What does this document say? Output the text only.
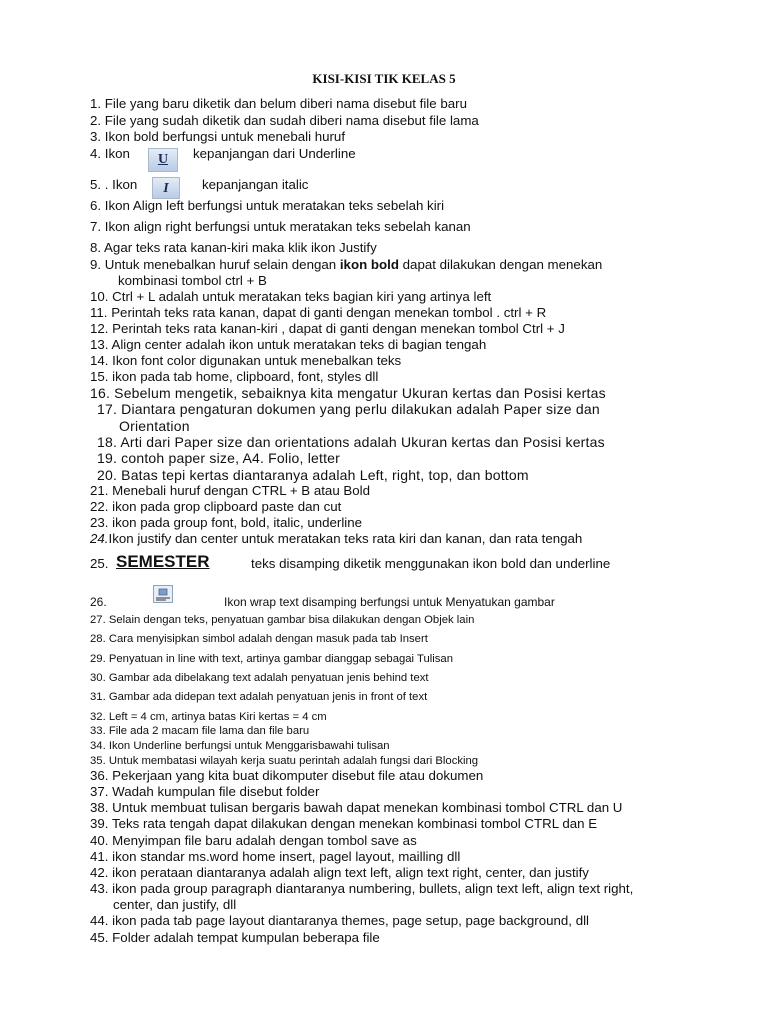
KISI-KISI TIK KELAS 5
1. File yang baru diketik dan belum diberi nama disebut file baru
2. File yang sudah diketik dan sudah diberi nama disebut file lama
3. Ikon bold berfungsi untuk menebali huruf
4. Ikon	U	kepanjangan dari Underline
5. . Ikon	I	kepanjangan italic
6. Ikon Align left berfungsi untuk meratakan teks sebelah kiri
7. Ikon align right berfungsi untuk meratakan teks sebelah kanan
8. Agar teks rata kanan-kiri maka klik ikon Justify
9. Untuk menebalkan huruf selain dengan ikon bold dapat dilakukan dengan menekan
kombinasi tombol ctrl + B
10. Ctrl + L adalah untuk meratakan teks bagian kiri yang artinya left
11. Perintah teks rata kanan, dapat di ganti dengan menekan tombol . ctrl + R
12. Perintah teks rata kanan-kiri , dapat di ganti dengan menekan tombol Ctrl + J
13. Align center adalah ikon untuk meratakan teks di bagian tengah
14. Ikon font color digunakan untuk menebalkan teks
15. ikon pada tab home, clipboard, font, styles dll
16. Sebelum mengetik, sebaiknya kita mengatur Ukuran kertas dan Posisi kertas
17. Diantara pengaturan dokumen yang perlu dilakukan adalah Paper size dan
Orientation
18. Arti dari Paper size dan orientations adalah Ukuran kertas dan Posisi kertas
19. contoh paper size, A4. Folio, letter
20. Batas tepi kertas diantaranya adalah Left, right, top, dan bottom
21. Menebali huruf dengan CTRL + B atau Bold
22. ikon pada grop clipboard paste dan cut
23. ikon pada group font, bold, italic, underline
24.Ikon justify dan center untuk meratakan teks rata kiri dan kanan, dan rata tengah
25. SEMESTER	teks disamping diketik menggunakan ikon bold dan underline
26.	Ikon wrap text disamping berfungsi untuk Menyatukan gambar
27. Selain dengan teks, penyatuan gambar bisa dilakukan dengan Objek lain
28. Cara menyisipkan simbol adalah dengan masuk pada tab Insert
29. Penyatuan in line with text, artinya gambar dianggap sebagai Tulisan
30. Gambar ada dibelakang text adalah penyatuan jenis behind text
31. Gambar ada didepan text adalah penyatuan jenis in front of text
32. Left = 4 cm, artinya batas Kiri kertas = 4 cm
33. File ada 2 macam file lama dan file baru
34. Ikon Underline berfungsi untuk Menggarisbawahi tulisan
35. Untuk membatasi wilayah kerja suatu perintah adalah fungsi dari Blocking
36. Pekerjaan yang kita buat dikomputer disebut file atau dokumen
37. Wadah kumpulan file disebut folder
38. Untuk membuat tulisan bergaris bawah dapat menekan kombinasi tombol CTRL dan U
39. Teks rata tengah dapat dilakukan dengan menekan kombinasi tombol CTRL dan E
40. Menyimpan file baru adalah dengan tombol save as
41. ikon standar ms.word home insert, pagel layout, mailling dll
42. ikon perataan diantaranya adalah align text left, align text right, center, dan justify
43. ikon pada group paragraph diantaranya numbering, bullets, align text left, align text right,
center, dan justify, dll
44. ikon pada tab page layout diantaranya themes, page setup, page background, dll
45. Folder adalah tempat kumpulan beberapa file
